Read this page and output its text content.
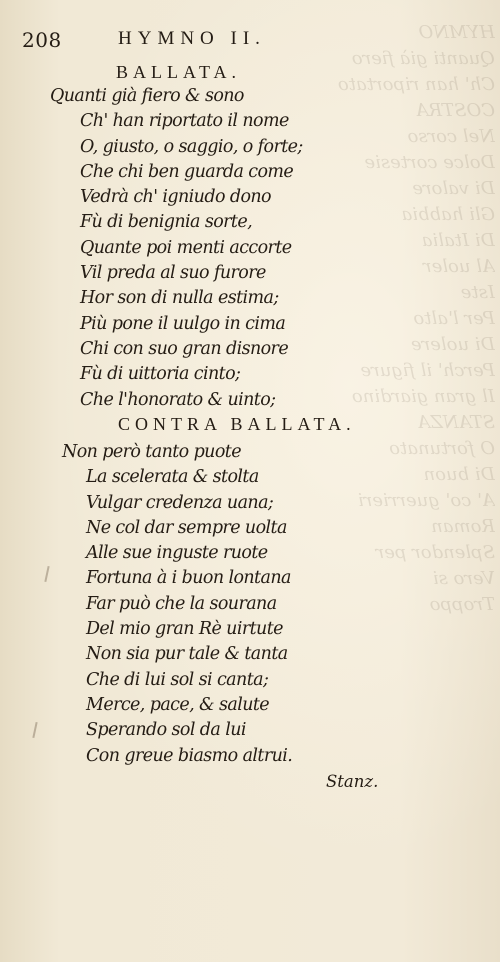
HYMNO
Quanti già fiero
Ch' han riportato
COSTRA
Nel corso
Dolce cortesie
Di valore
Gli habbia
Di Italia
Al uoler
Iste
Per l'alto
Di uolere
Perch' il figure
Il gran giardino
STANZA
O fortunato
Di buon
A' co' guerrieri
Roman
Splendor per
Vero si
Troppo
208	HYMNO II.
BALLATA.
Quanti già fiero & sono
Ch' han riportato il nome
O, giusto, o saggio, o forte;
Che chi ben guarda come
Vedrà ch' igniudo dono
Fù di benignia sorte,
Quante poi menti accorte
Vil preda al suo furore
Hor son di nulla estima;
Più pone il uulgo in cima
Chi con suo gran disnore
Fù di uittoria cinto;
Che l'honorato & uinto;
CONTRA BALLATA.
Non però tanto puote
La scelerata & stolta
Vulgar credenza uana;
Ne col dar sempre uolta
Alle sue inguste ruote
Fortuna à i buon lontana
Far può che la sourana
Del mio gran Rè uirtute
Non sia pur tale & tanta
Che di lui sol si canta;
Merce, pace, & salute
Sperando sol da lui
Con greue biasmo altrui.
Stanz.
